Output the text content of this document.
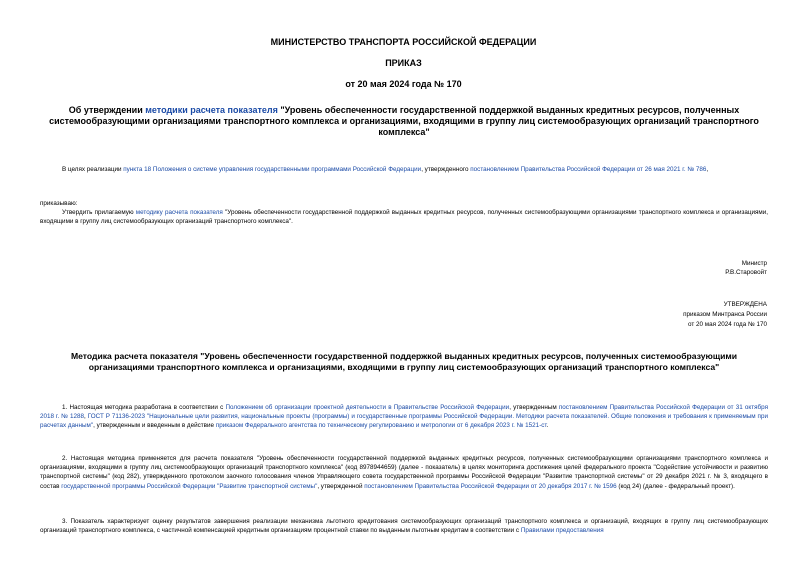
МИНИСТЕРСТВО ТРАНСПОРТА РОССИЙСКОЙ ФЕДЕРАЦИИ
ПРИКАЗ
от 20 мая 2024 года № 170
Об утверждении методики расчета показателя "Уровень обеспеченности государственной поддержкой выданных кредитных ресурсов, полученных системообразующими организациями транспортного комплекса и организациями, входящими в группу лиц системообразующих организаций транспортного комплекса"
В целях реализации пункта 18 Положения о системе управления государственными программами Российской Федерации, утвержденного постановлением Правительства Российской Федерации от 26 мая 2021 г. № 786,
приказываю:
Утвердить прилагаемую методику расчета показателя "Уровень обеспеченности государственной поддержкой выданных кредитных ресурсов, полученных системообразующими организациями транспортного комплекса и организациями, входящими в группу лиц системообразующих организаций транспортного комплекса".
Министр
Р.В.Старовойт
УТВЕРЖДЕНА
приказом Минтранса России
от 20 мая 2024 года № 170
Методика расчета показателя "Уровень обеспеченности государственной поддержкой выданных кредитных ресурсов, полученных системообразующими организациями транспортного комплекса и организациями, входящими в группу лиц системообразующих организаций транспортного комплекса"
1. Настоящая методика разработана в соответствии с Положением об организации проектной деятельности в Правительстве Российской Федерации, утвержденным постановлением Правительства Российской Федерации от 31 октября 2018 г. № 1288, ГОСТ Р 71136-2023 "Национальные цели развития, национальные проекты (программы) и государственные программы Российской Федерации. Методики расчета показателей. Общие положения и требования к применяемым при расчетах данным", утвержденным и введенным в действие приказом Федерального агентства по техническому регулированию и метрологии от 6 декабря 2023 г. № 1521-ст.
2. Настоящая методика применяется для расчета показателя "Уровень обеспеченности государственной поддержкой выданных кредитных ресурсов, полученных системообразующими организациями транспортного комплекса и организациями, входящими в группу лиц системообразующих организаций транспортного комплекса" (код 8978944659) (далее - показатель) в целях мониторинга достижения целей федерального проекта "Содействие устойчивости и развитию транспортной системы" (код 282), утвержденного протоколом заочного голосования членов Управляющего совета государственной программы Российской Федерации "Развитие транспортной системы" от 29 декабря 2021 г. № 3, входящего в состав государственной программы Российской Федерации "Развитие транспортной системы", утвержденной постановлением Правительства Российской Федерации от 20 декабря 2017 г. № 1596 (код 24) (далее - федеральный проект).
3. Показатель характеризует оценку результатов завершения реализации механизма льготного кредитования системообразующих организаций транспортного комплекса и организаций, входящих в группу лиц системообразующих организаций транспортного комплекса, с частичной компенсацией кредитным организациям процентной ставки по выданным льготным кредитам в соответствии с Правилами предоставления
